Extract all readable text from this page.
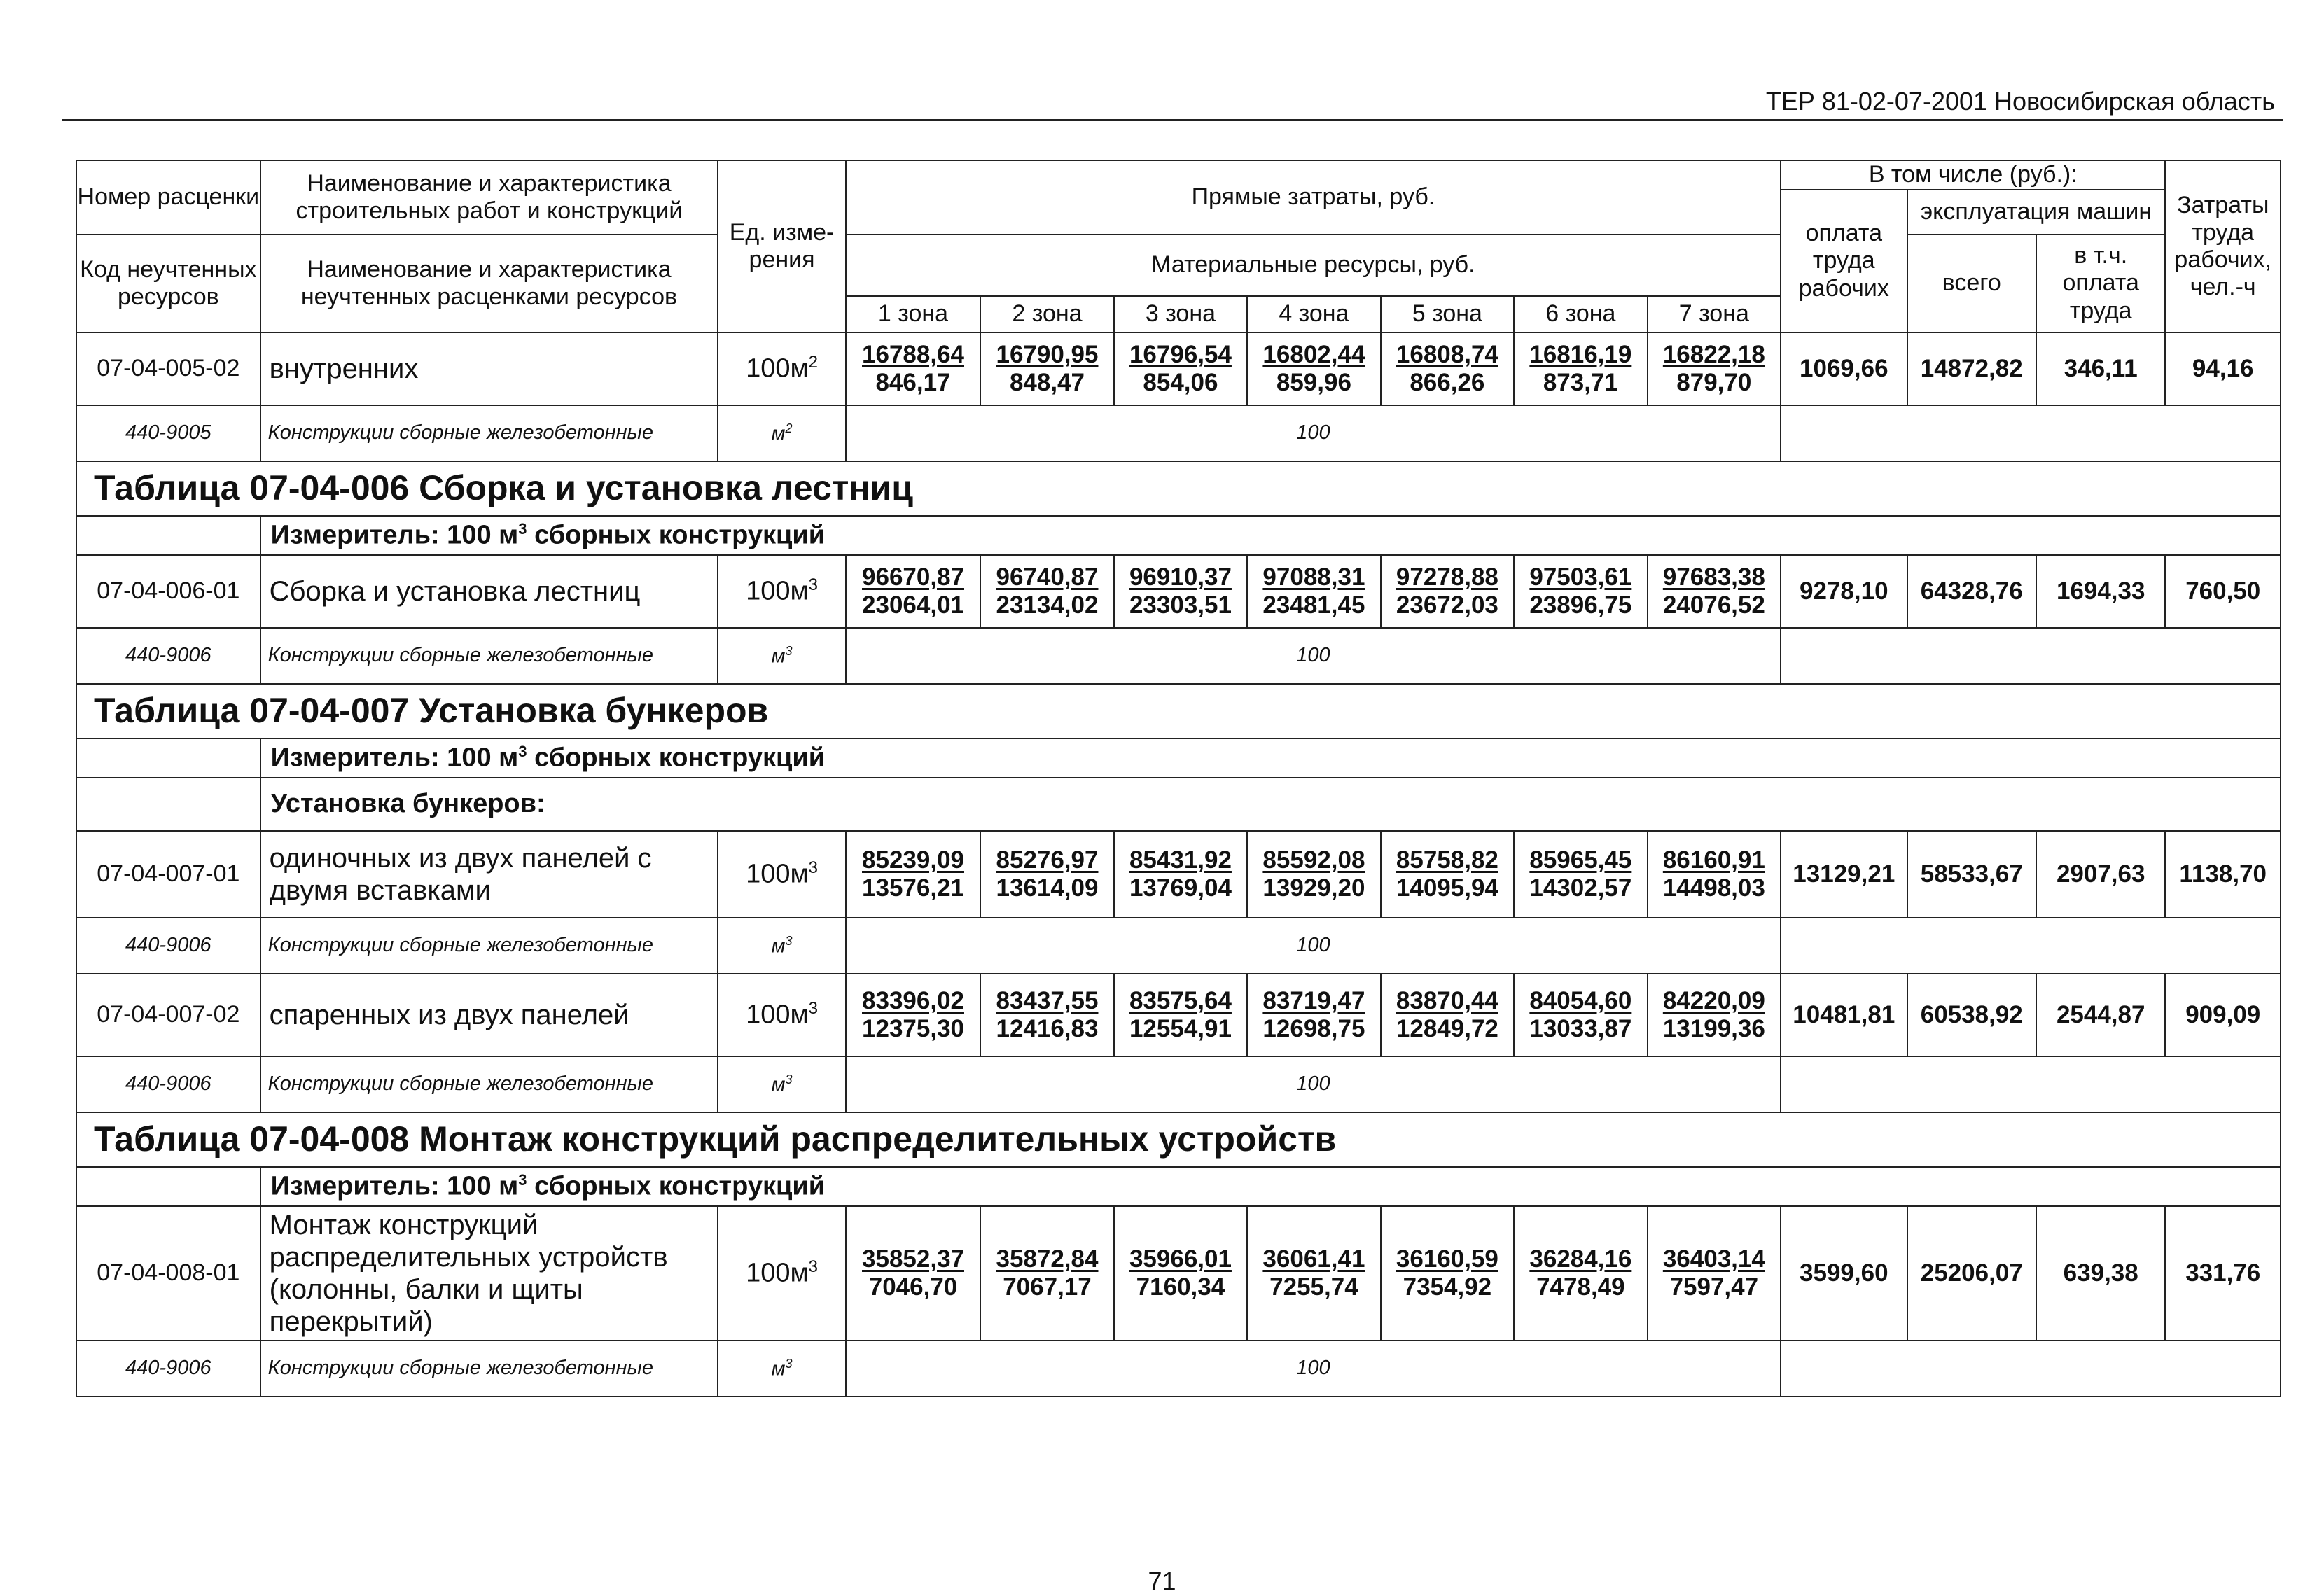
ТЕР 81-02-07-2001 Новосибирская область
Номер расценки	Наименование и характеристика строительных работ и конструкций	Ед. изме-рения	Прямые затраты, руб.							В том числе (руб.):			Затраты труда рабочих, чел.-ч
										оплата труда рабочих	эксплуатация машин		
Код неучтенных ресурсов	Наименование и характеристика неучтенных расценками ресурсов		Материальные ресурсы, руб.								всего	в т.ч. оплата труда	

			1 зона	2 зона	3 зона	4 зона	5 зона	6 зона	7 зона				
07-04-005-02	внутренних	$100м^2$	$\frac{16788,64}{846,17}$	$\frac{16790,95}{848,47}$	$\frac{16796,54}{854,06}$	$\frac{16802,44}{859,96}$	$\frac{16808,74}{866,26}$	$\frac{16816,19}{873,71}$	$\frac{16822,18}{879,70}$	1069,66	14872,82	346,11	94,16
440-9005	Конструкции сборные железобетонные	$м^2$	100										
Таблица 07-04-006 Сборка и установка лестниц													
	Измеритель: 100 $м^3$ сборных конструкций												
07-04-006-01	Сборка и установка лестниц	$100м^3$	$\frac{96670,87}{23064,01}$	$\frac{96740,87}{23134,02}$	$\frac{96910,37}{23303,51}$	$\frac{97088,31}{23481,45}$	$\frac{97278,88}{23672,03}$	$\frac{97503,61}{23896,75}$	$\frac{97683,38}{24076,52}$	9278,10	64328,76	1694,33	760,50
440-9006	Конструкции сборные железобетонные	$м^3$	100										
Таблица 07-04-007 Установка бункеров													
	Измеритель: 100 $м^3$ сборных конструкций												
	Установка бункеров:												
07-04-007-01	одиночных из двух панелей с двумя вставками	$100м^3$	$\frac{85239,09}{13576,21}$	$\frac{85276,97}{13614,09}$	$\frac{85431,92}{13769,04}$	$\frac{85592,08}{13929,20}$	$\frac{85758,82}{14095,94}$	$\frac{85965,45}{14302,57}$	$\frac{86160,91}{14498,03}$	13129,21	58533,67	2907,63	1138,70
440-9006	Конструкции сборные железобетонные	$м^3$	100										
07-04-007-02	спаренных из двух панелей	$100м^3$	$\frac{83396,02}{12375,30}$	$\frac{83437,55}{12416,83}$	$\frac{83575,64}{12554,91}$	$\frac{83719,47}{12698,75}$	$\frac{83870,44}{12849,72}$	$\frac{84054,60}{13033,87}$	$\frac{84220,09}{13199,36}$	10481,81	60538,92	2544,87	909,09
440-9006	Конструкции сборные железобетонные	$м^3$	100										
Таблица 07-04-008 Монтаж конструкций распределительных устройств													
	Измеритель: 100 $м^3$ сборных конструкций												
07-04-008-01	Монтаж конструкций распределительных устройств (колонны, балки и щиты перекрытий)	$100м^3$	$\frac{35852,37}{7046,70}$	$\frac{35872,84}{7067,17}$	$\frac{35966,01}{7160,34}$	$\frac{36061,41}{7255,74}$	$\frac{36160,59}{7354,92}$	$\frac{36284,16}{7478,49}$	$\frac{36403,14}{7597,47}$	3599,60	25206,07	639,38	331,76
440-9006	Конструкции сборные железобетонные	$м^3$	100										
71
